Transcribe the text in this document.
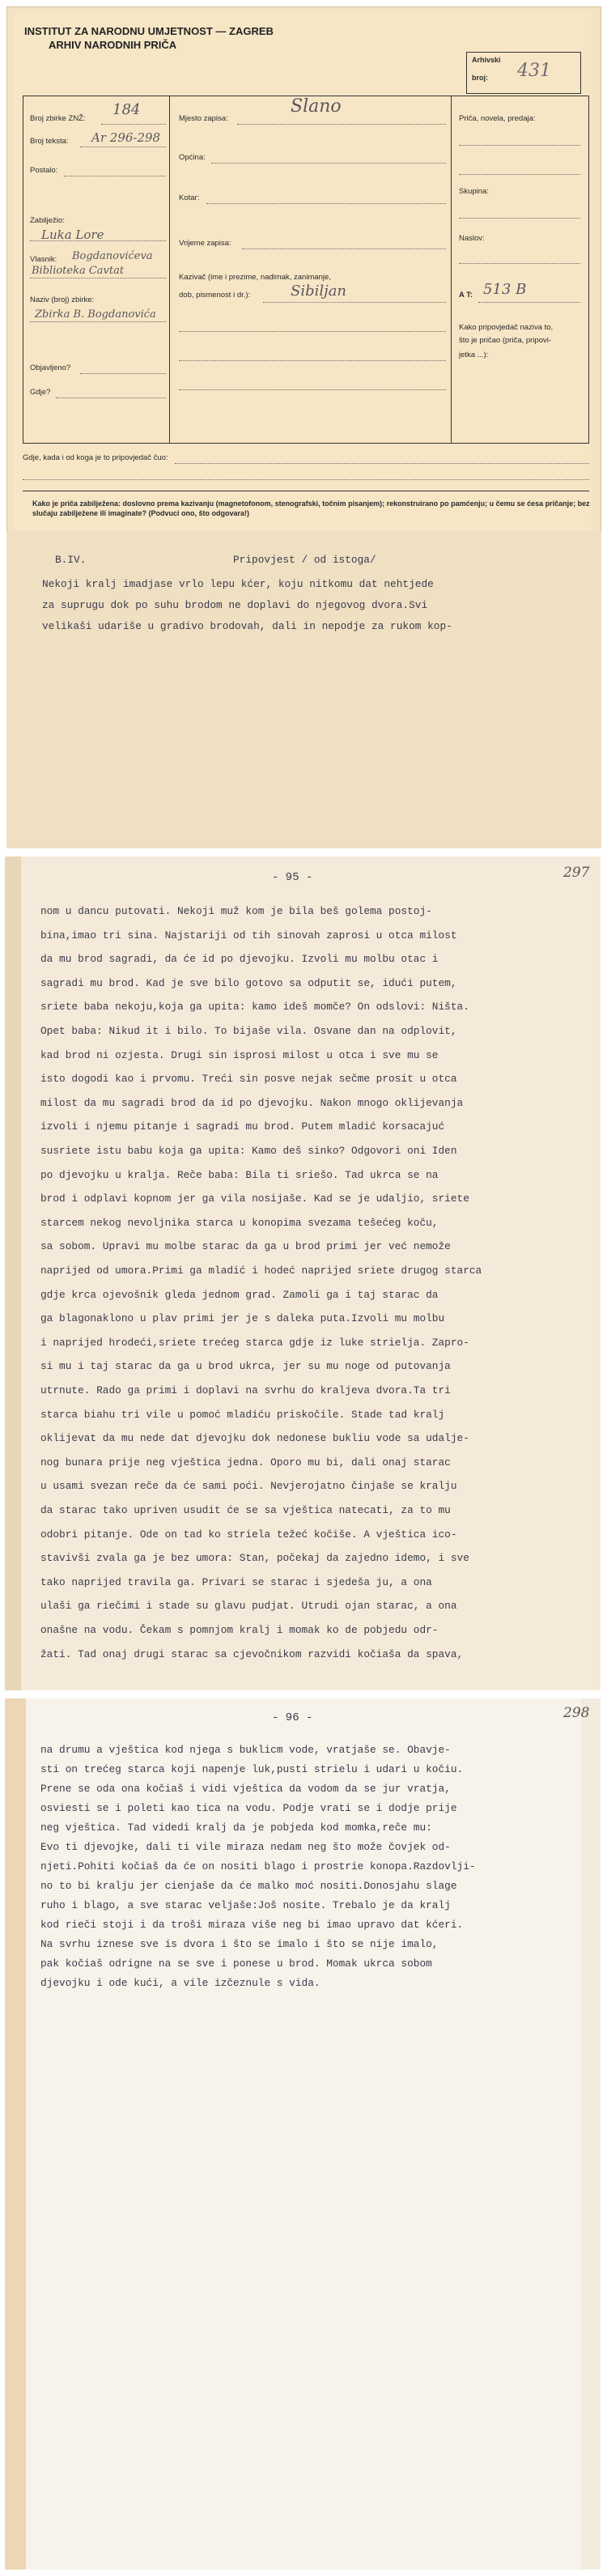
INSTITUT ZA NARODNU UMJETNOST — ZAGREB
ARHIV NARODNIH PRIČA
Arhivski
broj: 431
Broj zbirke ZNŽ:
184
Broj teksta: Ar 296-298
Postalo:
Zabilježio:
Luka Lore
Vlasnik: Bogdanovićeva
Biblioteka Cavtat
Naziv (broj) zbirke:
Zbirka B. Bogdanovića
Objavljeno?
Gdje?
Mjesto zapisa:
Slano
Općina:
Kotar:
Vrijeme zapisa:
Kazivač (ime i prezime, nadimak, zanimanje,
dob, pismenost i dr.):	Sibiljan
Priča, novela, predaja:
Skupina:
Naslov:
A T: 513 B
Kako pripovjedač naziva to,
što je pričao (priča, pripovi-
jetka ...):
Gdje, kada i od koga je to pripovjedač čuo:
Kako je priča zabilježena: doslovno prema kazivanju (magnetofonom, stenografski, točnim pisanjem); rekonstruirano po pamćenju; u čemu se ćesa pričanje; bez slučaju zabilježene ili imaginate? (Podvuci ono, što odgovara!)
B.IV.	Pripovjest / od istoga/
Nekoji kralj imadjase vrlo lepu kćer, koju nitkomu dat nehtjede
za suprugu dok po suhu brodom ne doplavi do njegovog dvora.Svi
velikaši udariše u gradivo brodovah, dali in nepodje za rukom kop-
- 95 -	297
nom u dancu putovati. Nekoji muž kom je bila beš golema postoj-
bina,imao tri sina. Najstariji od tih sinovah zaprosi u otca milost
da mu brod sagradi, da će id po djevojku. Izvoli mu molbu otac i
sagradi mu brod. Kad je sve bilo gotovo sa odputit se, idući putem,
sriete baba nekoju,koja ga upita: kamo ideš momče? On odslovi: Ništa.
Opet baba: Nikud it i bilo. To bijaše vila. Osvane dan na odplovit,
kad brod ni ozjesta. Drugi sin isprosi milost u otca i sve mu se
isto dogodi kao i prvomu. Treći sin posve nejak sečme prosit u otca
milost da mu sagradi brod da id po djevojku. Nakon mnogo oklijevanja
izvoli i njemu pitanje i sagradi mu brod. Putem mladić korsacajuć
susriete istu babu koja ga upita: Kamo deš sinko? Odgovori oni Iden
po djevojku u kralja. Reče baba: Bila ti sriešo. Tad ukrca se na
brod i odplavi kopnom jer ga vila nosijaše. Kad se je udaljio, sriete
starcem nekog nevoljnika starca u konopima svezama tešećeg koču,
sa sobom. Upravi mu molbe starac da ga u brod primi jer već nemože
naprijed od umora.Primi ga mladić i hodeć naprijed sriete drugog starca
gdje krca ojevošnik gleda jednom grad. Zamoli ga i taj starac da
ga blagonaklono u plav primi jer je s daleka puta.Izvoli mu molbu
i naprijed hrodeći,sriete trećeg starca gdje iz luke strielja. Zapro-
si mu i taj starac da ga u brod ukrca, jer su mu noge od putovanja
utrnute. Rado ga primi i doplavi na svrhu do kraljeva dvora.Ta tri
starca biahu tri vile u pomoć mladiću priskočile. Stade tad kralj
oklijevat da mu nede dat djevojku dok nedonese bukliu vode sa udalje-
nog bunara prije neg vještica jedna. Oporo mu bi, dali onaj starac
u usami svezan reče da će sami poći. Nevjerojatno činjaše se kralju
da starac tako upriven usudit će se sa vještica natecati, za to mu
odobri pitanje. Ode on tad ko striela težeć kočiše. A vještica ico-
stavivši zvala ga je bez umora: Stan, počekaj da zajedno idemo, i sve
tako naprijed travila ga. Privari se starac i sjedeša ju, a ona
ulaši ga riečimi i stade su glavu pudjat. Utrudi ojan starac, a ona
onašne na vodu. Čekam s pomnjom kralj i momak ko de pobjedu odr-
žati. Tad onaj drugi starac sa cjevočnikom razvidi kočiaša da spava,
- 96 -	298
na drumu a vještica kod njega s buklicm vode, vratjaše se. Obavje-
sti on trećeg starca koji napenje luk,pusti strielu i udari u kočiu.
Prene se oda ona kočiaš i vidi vještica da vodom da se jur vratja,
osviesti se i poleti kao tica na vodu. Podje vrati se i dodje prije
neg vještica. Tad videdi kralj da je pobjeda kod momka,reče mu:
Evo ti djevojke, dali ti vile miraza nedam neg što može čovjek od-
njeti.Pohiti kočiaš da će on nositi blago i prostrie konopa.Razdovlji-
no to bi kralju jer cienjaše da će malko moć nositi.Donosjahu slage
ruho i blago, a sve starac veljaše:Još nosite. Trebalo je da kralj
kod rieči stoji i da troši miraza više neg bi imao upravo dat kćeri.
Na svrhu iznese sve is dvora i što se imalo i što se nije imalo,
pak kočiaš odrigne na se sve i ponese u brod. Momak ukrca sobom
djevojku i ode kući, a vile izčeznule s vida.
